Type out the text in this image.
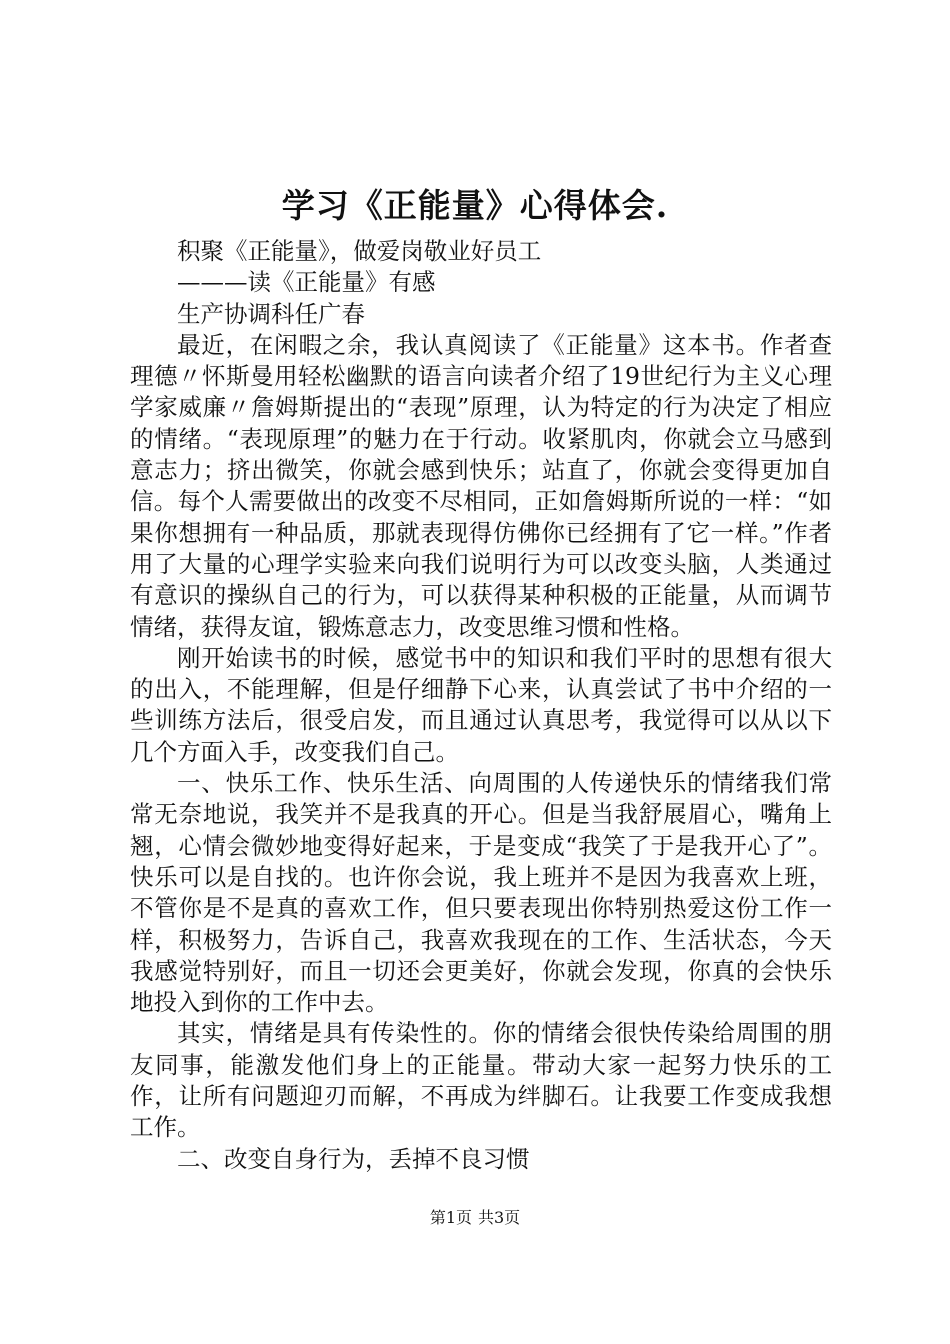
学习《正能量》心得体会.

积聚《正能量》，做爱岗敬业好员工

———读《正能量》有感

生产协调科任广春

最近，在闲暇之余，我认真阅读了《正能量》这本书。作者查理德〃怀斯曼用轻松幽默的语言向读者介绍了19世纪行为主义心理学家威廉〃詹姆斯提出的“表现”原理，认为特定的行为决定了相应的情绪。“表现原理”的魅力在于行动。收紧肌肉，你就会立马感到意志力；挤出微笑，你就会感到快乐；站直了，你就会变得更加自信。每个人需要做出的改变不尽相同，正如詹姆斯所说的一样：“如果你想拥有一种品质，那就表现得仿佛你已经拥有了它一样。”作者用了大量的心理学实验来向我们说明行为可以改变头脑，人类通过有意识的操纵自己的行为，可以获得某种积极的正能量，从而调节情绪，获得友谊，锻炼意志力，改变思维习惯和性格。

刚开始读书的时候，感觉书中的知识和我们平时的思想有很大的出入，不能理解，但是仔细静下心来，认真尝试了书中介绍的一些训练方法后，很受启发，而且通过认真思考，我觉得可以从以下几个方面入手，改变我们自己。

一、快乐工作、快乐生活、向周围的人传递快乐的情绪我们常常无奈地说，我笑并不是我真的开心。但是当我舒展眉心，嘴角上翘，心情会微妙地变得好起来，于是变成“我笑了于是我开心了”。快乐可以是自找的。也许你会说，我上班并不是因为我喜欢上班，不管你是不是真的喜欢工作，但只要表现出你特别热爱这份工作一样，积极努力，告诉自己，我喜欢我现在的工作、生活状态，今天我感觉特别好，而且一切还会更美好，你就会发现，你真的会快乐地投入到你的工作中去。

其实，情绪是具有传染性的。你的情绪会很快传染给周围的朋友同事，能激发他们身上的正能量。带动大家一起努力快乐的工作，让所有问题迎刃而解，不再成为绊脚石。让我要工作变成我想工作。

二、改变自身行为，丢掉不良习惯

第1页 共3页
